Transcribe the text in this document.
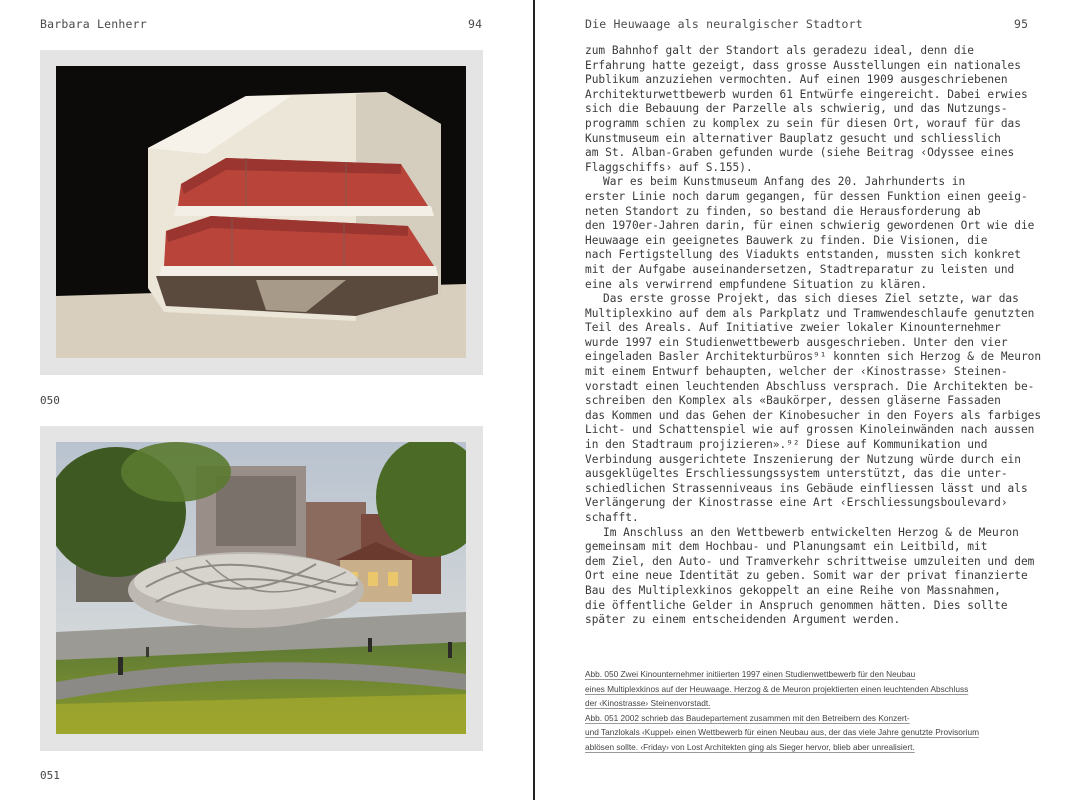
Barbara Lenherr	94
050
051
Die Heuwaage als neuralgischer Stadtort	95
zum Bahnhof galt der Standort als geradezu ideal, denn die
Erfahrung hatte gezeigt, dass grosse Ausstellungen ein nationales
Publikum anzuziehen vermochten. Auf einen 1909 ausgeschriebenen
Architekturwettbewerb wurden 61 Entwürfe eingereicht. Dabei erwies
sich die Bebauung der Parzelle als schwierig, und das Nutzungs-
programm schien zu komplex zu sein für diesen Ort, worauf für das
Kunstmuseum ein alternativer Bauplatz gesucht und schliesslich
am St. Alban-Graben gefunden wurde (siehe Beitrag ‹Odyssee eines
Flaggschiffs› auf S.155).
War es beim Kunstmuseum Anfang des 20. Jahrhunderts in
erster Linie noch darum gegangen, für dessen Funktion einen geeig-
neten Standort zu finden, so bestand die Herausforderung ab
den 1970er-Jahren darin, für einen schwierig gewordenen Ort wie die
Heuwaage ein geeignetes Bauwerk zu finden. Die Visionen, die
nach Fertigstellung des Viadukts entstanden, mussten sich konkret
mit der Aufgabe auseinandersetzen, Stadtreparatur zu leisten und
eine als verwirrend empfundene Situation zu klären.
Das erste grosse Projekt, das sich dieses Ziel setzte, war das
Multiplexkino auf dem als Parkplatz und Tramwendeschlaufe genutzten
Teil des Areals. Auf Initiative zweier lokaler Kinounternehmer
wurde 1997 ein Studienwettbewerb ausgeschrieben. Unter den vier
eingeladen Basler Architekturbüros⁹¹ konnten sich Herzog & de Meuron
mit einem Entwurf behaupten, welcher der ‹Kinostrasse› Steinen-
vorstadt einen leuchtenden Abschluss versprach. Die Architekten be-
schreiben den Komplex als «Baukörper, dessen gläserne Fassaden
das Kommen und das Gehen der Kinobesucher in den Foyers als farbiges
Licht- und Schattenspiel wie auf grossen Kinoleinwänden nach aussen
in den Stadtraum projizieren».⁹² Diese auf Kommunikation und
Verbindung ausgerichtete Inszenierung der Nutzung würde durch ein
ausgeklügeltes Erschliessungssystem unterstützt, das die unter-
schiedlichen Strassenniveaus ins Gebäude einfliessen lässt und als
Verlängerung der Kinostrasse eine Art ‹Erschliessungsboulevard›
schafft.
Im Anschluss an den Wettbewerb entwickelten Herzog & de Meuron
gemeinsam mit dem Hochbau- und Planungsamt ein Leitbild, mit
dem Ziel, den Auto- und Tramverkehr schrittweise umzuleiten und dem
Ort eine neue Identität zu geben. Somit war der privat finanzierte
Bau des Multiplexkinos gekoppelt an eine Reihe von Massnahmen,
die öffentliche Gelder in Anspruch genommen hätten. Dies sollte
später zu einem entscheidenden Argument werden.
Abb. 050 Zwei Kinounternehmer initiierten 1997 einen Studienwettbewerb für den Neubau
eines Multiplexkinos auf der Heuwaage. Herzog & de Meuron projektierten einen leuchtenden Abschluss
der ‹Kinostrasse› Steinenvorstadt.
Abb. 051 2002 schrieb das Baudepartement zusammen mit den Betreibern des Konzert-
und Tanzlokals ‹Kuppel› einen Wettbewerb für einen Neubau aus, der das viele Jahre genutzte Provisorium
ablösen sollte. ‹Friday› von Lost Architekten ging als Sieger hervor, blieb aber unrealisiert.
